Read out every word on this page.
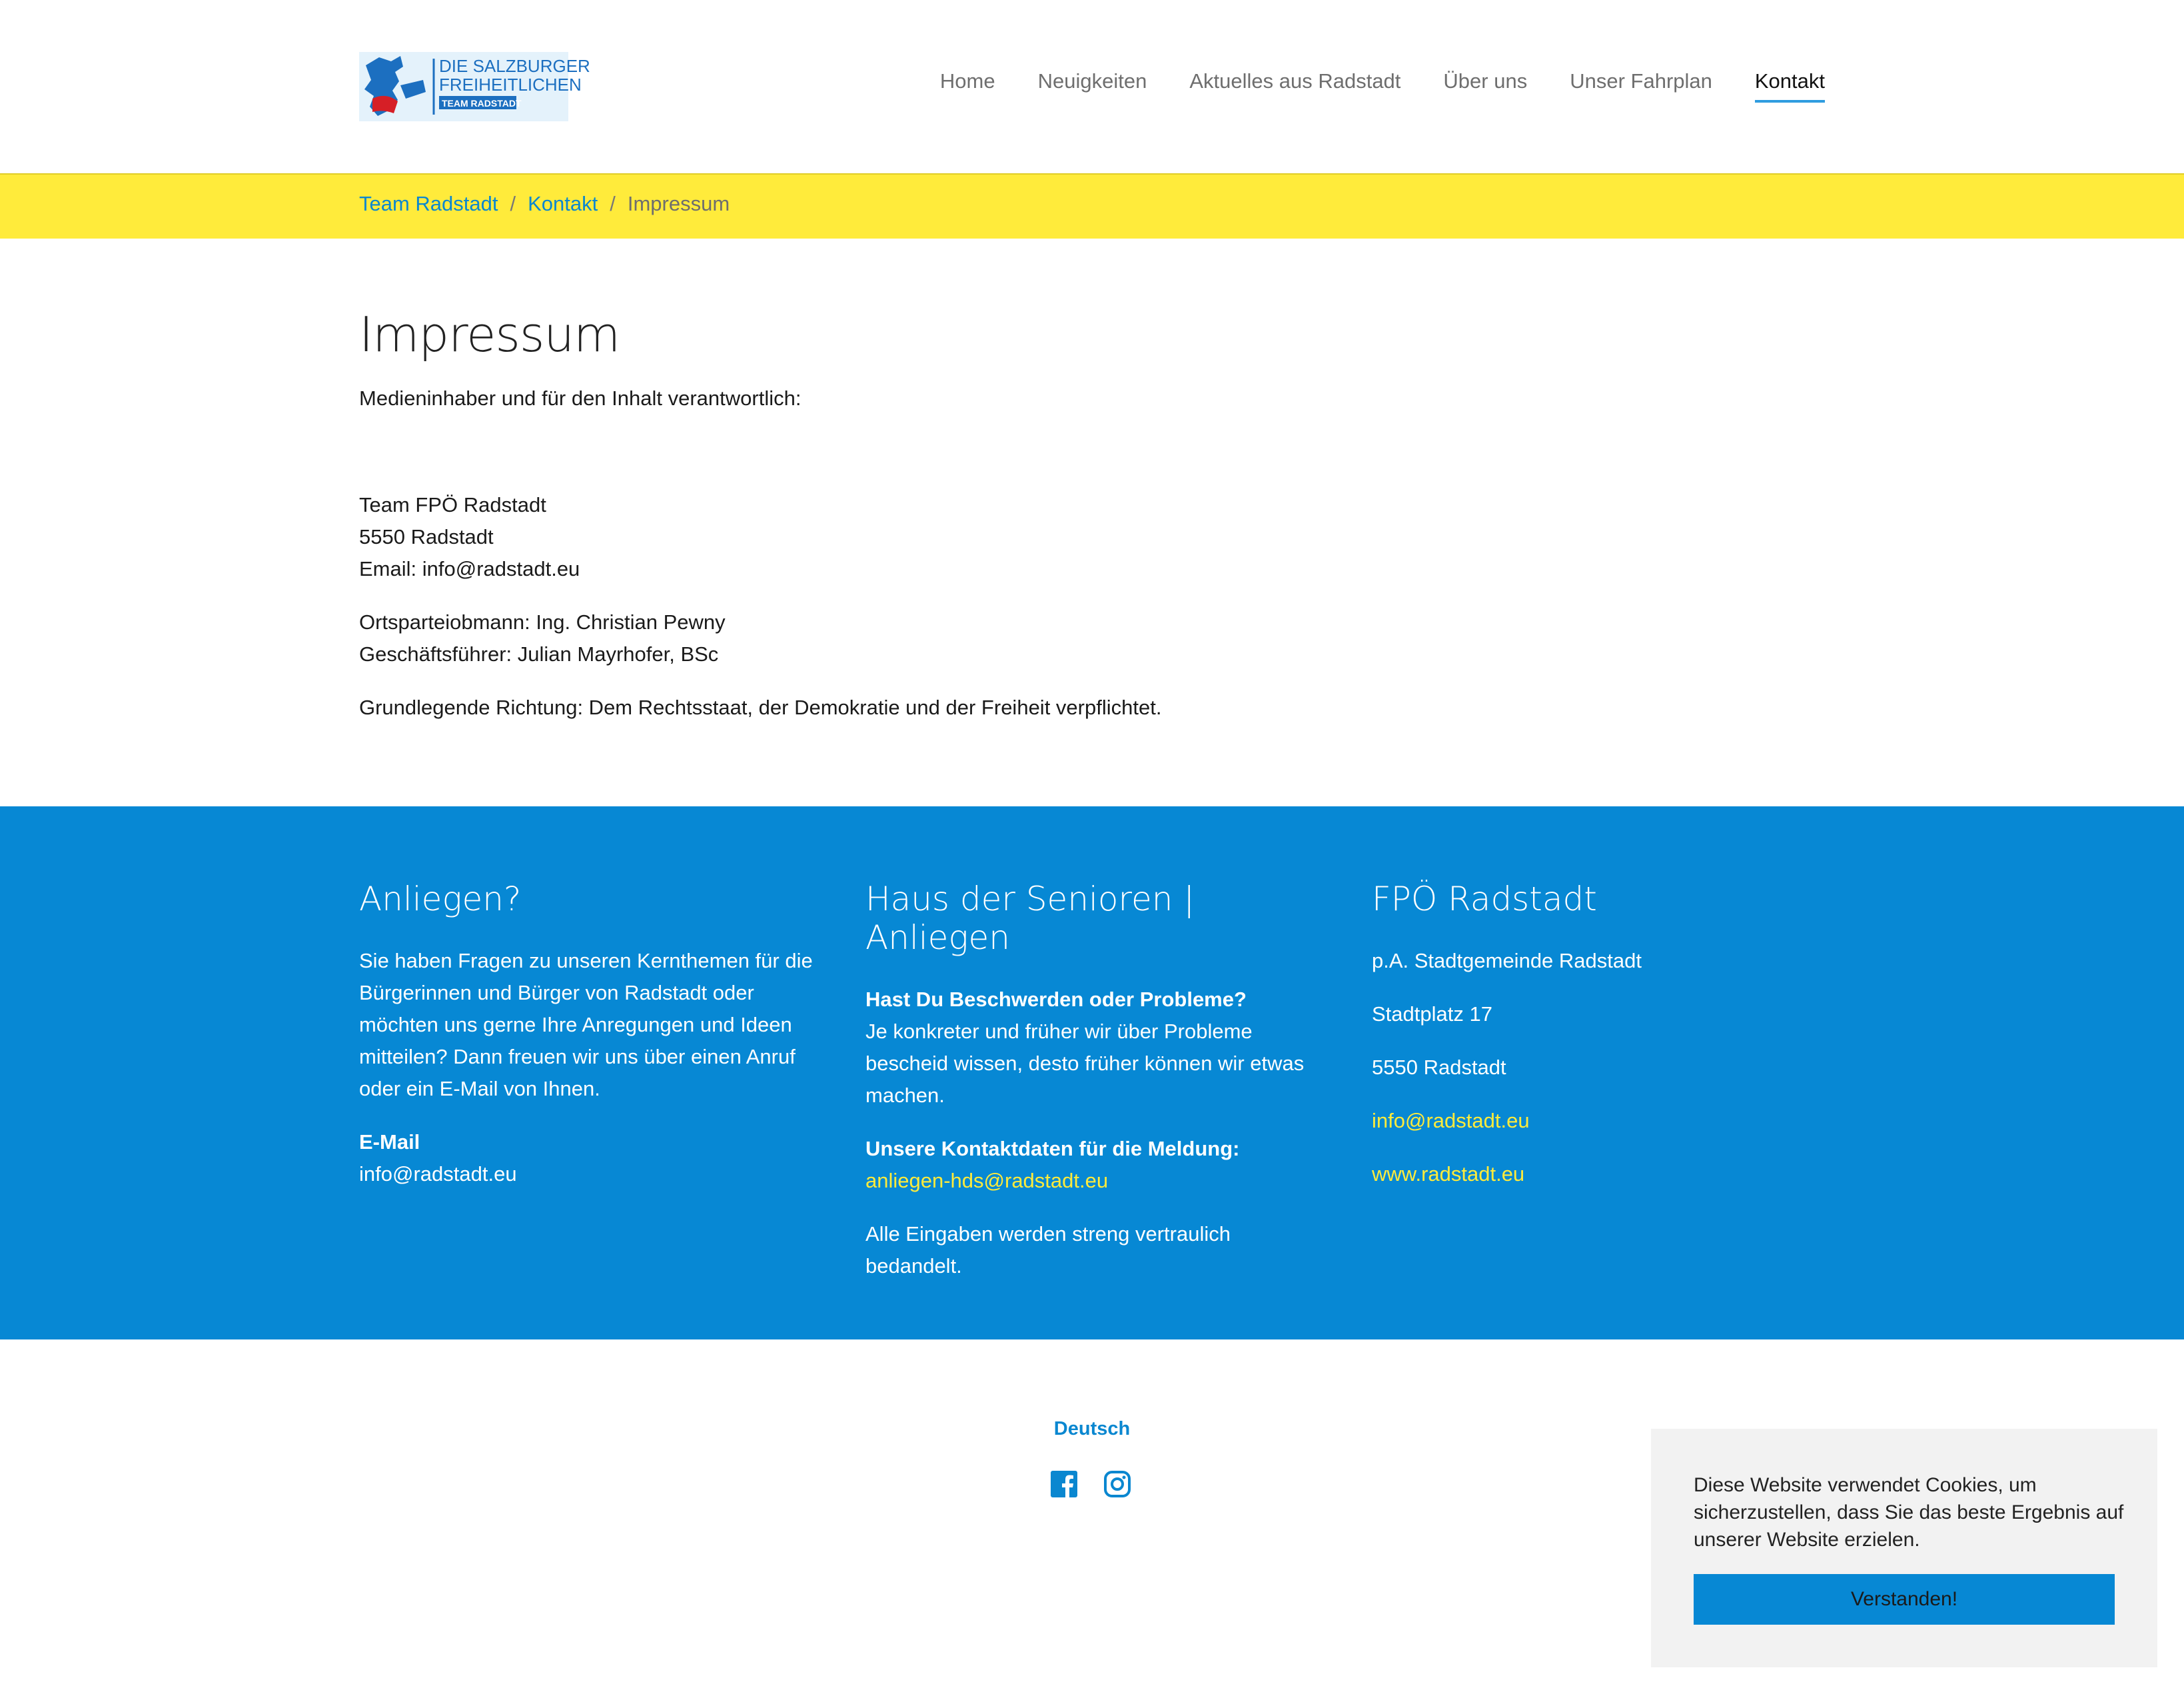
DIE SALZBURGER
FREIHEITLICHEN
TEAM RADSTADT
Home Neuigkeiten Aktuelles aus Radstadt Über uns Unser Fahrplan Kontakt
Team Radstadt / Kontakt / Impressum
Impressum

Medieninhaber und für den Inhalt verantwortlich:

Team FPÖ Radstadt
5550 Radstadt
Email: info@radstadt.eu

Ortsparteiobmann: Ing. Christian Pewny
Geschäftsführer: Julian Mayrhofer, BSc

Grundlegende Richtung: Dem Rechtsstaat, der Demokratie und der Freiheit verpflichtet.

Anliegen?

Sie haben Fragen zu unseren Kernthemen für die
Bürgerinnen und Bürger von Radstadt oder
möchten uns gerne Ihre Anregungen und Ideen
mitteilen? Dann freuen wir uns über einen Anruf
oder ein E-Mail von Ihnen.

E-Mail
info@radstadt.eu

Haus der Senioren | Anliegen

Hast Du Beschwerden oder Probleme?
Je konkreter und früher wir über Probleme
bescheid wissen, desto früher können wir etwas
machen.

Unsere Kontaktdaten für die Meldung:
anliegen-hds@radstadt.eu

Alle Eingaben werden streng vertraulich
bedandelt.

FPÖ Radstadt

p.A. Stadtgemeinde Radstadt

Stadtplatz 17

5550 Radstadt

info@radstadt.eu

www.radstadt.eu

Deutsch

Diese Website verwendet Cookies, um
sicherzustellen, dass Sie das beste Ergebnis auf
unserer Website erzielen.

Verstanden!
